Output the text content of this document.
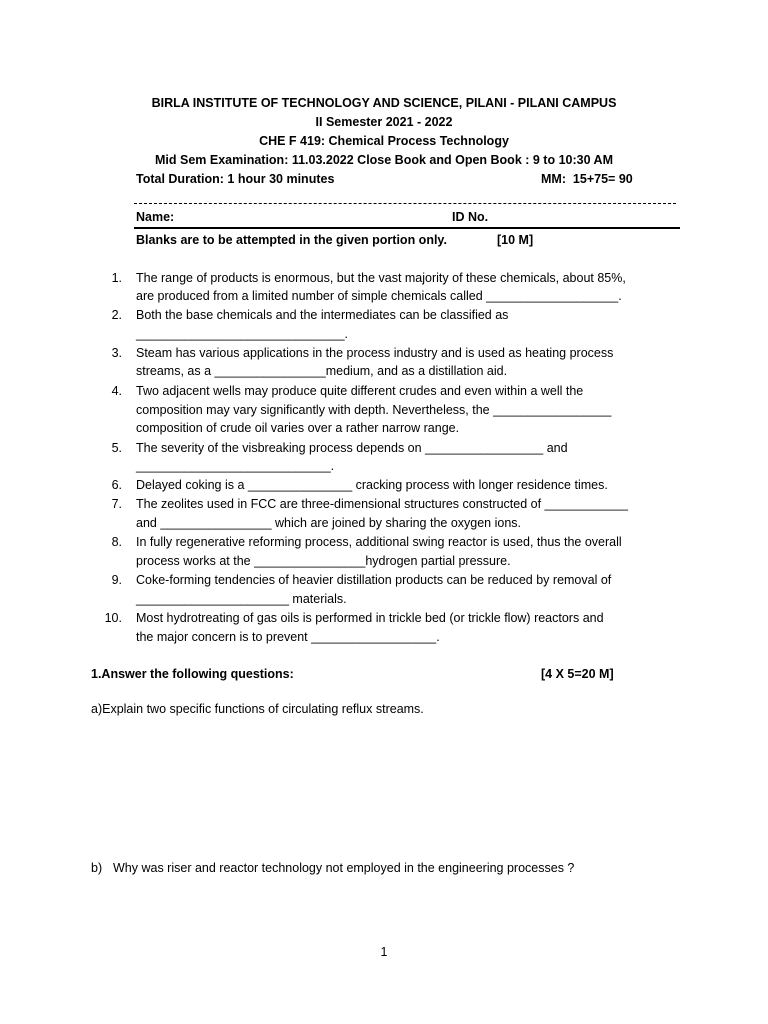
BIRLA INSTITUTE OF TECHNOLOGY AND SCIENCE, PILANI - PILANI CAMPUS
II Semester 2021 - 2022
CHE F 419: Chemical Process Technology
Mid Sem Examination: 11.03.2022 Close Book and Open Book : 9 to 10:30 AM
Total Duration: 1 hour 30 minutes	MM:  15+75= 90
Name:	ID No.
Blanks are to be attempted in the given portion only.	[10 M]
1. The range of products is enormous, but the vast majority of these chemicals, about 85%,
are produced from a limited number of simple chemicals called ___________________.
2. Both the base chemicals and the intermediates can be classified as
______________________________.
3. Steam has various applications in the process industry and is used as heating process
streams, as a ________________medium, and as a distillation aid.
4. Two adjacent wells may produce quite different crudes and even within a well the
composition may vary significantly with depth. Nevertheless, the _________________
composition of crude oil varies over a rather narrow range.
5. The severity of the visbreaking process depends on _________________ and
____________________________.
6. Delayed coking is a _______________ cracking process with longer residence times.
7. The zeolites used in FCC are three-dimensional structures constructed of ____________
and ________________ which are joined by sharing the oxygen ions.
8. In fully regenerative reforming process, additional swing reactor is used, thus the overall
process works at the ________________hydrogen partial pressure.
9. Coke-forming tendencies of heavier distillation products can be reduced by removal of
______________________ materials.
10. Most hydrotreating of gas oils is performed in trickle bed (or trickle flow) reactors and
the major concern is to prevent __________________.
1.Answer the following questions:	[4 X 5=20 M]
a)Explain two specific functions of circulating reflux streams.
b) Why was riser and reactor technology not employed in the engineering processes ?
1
